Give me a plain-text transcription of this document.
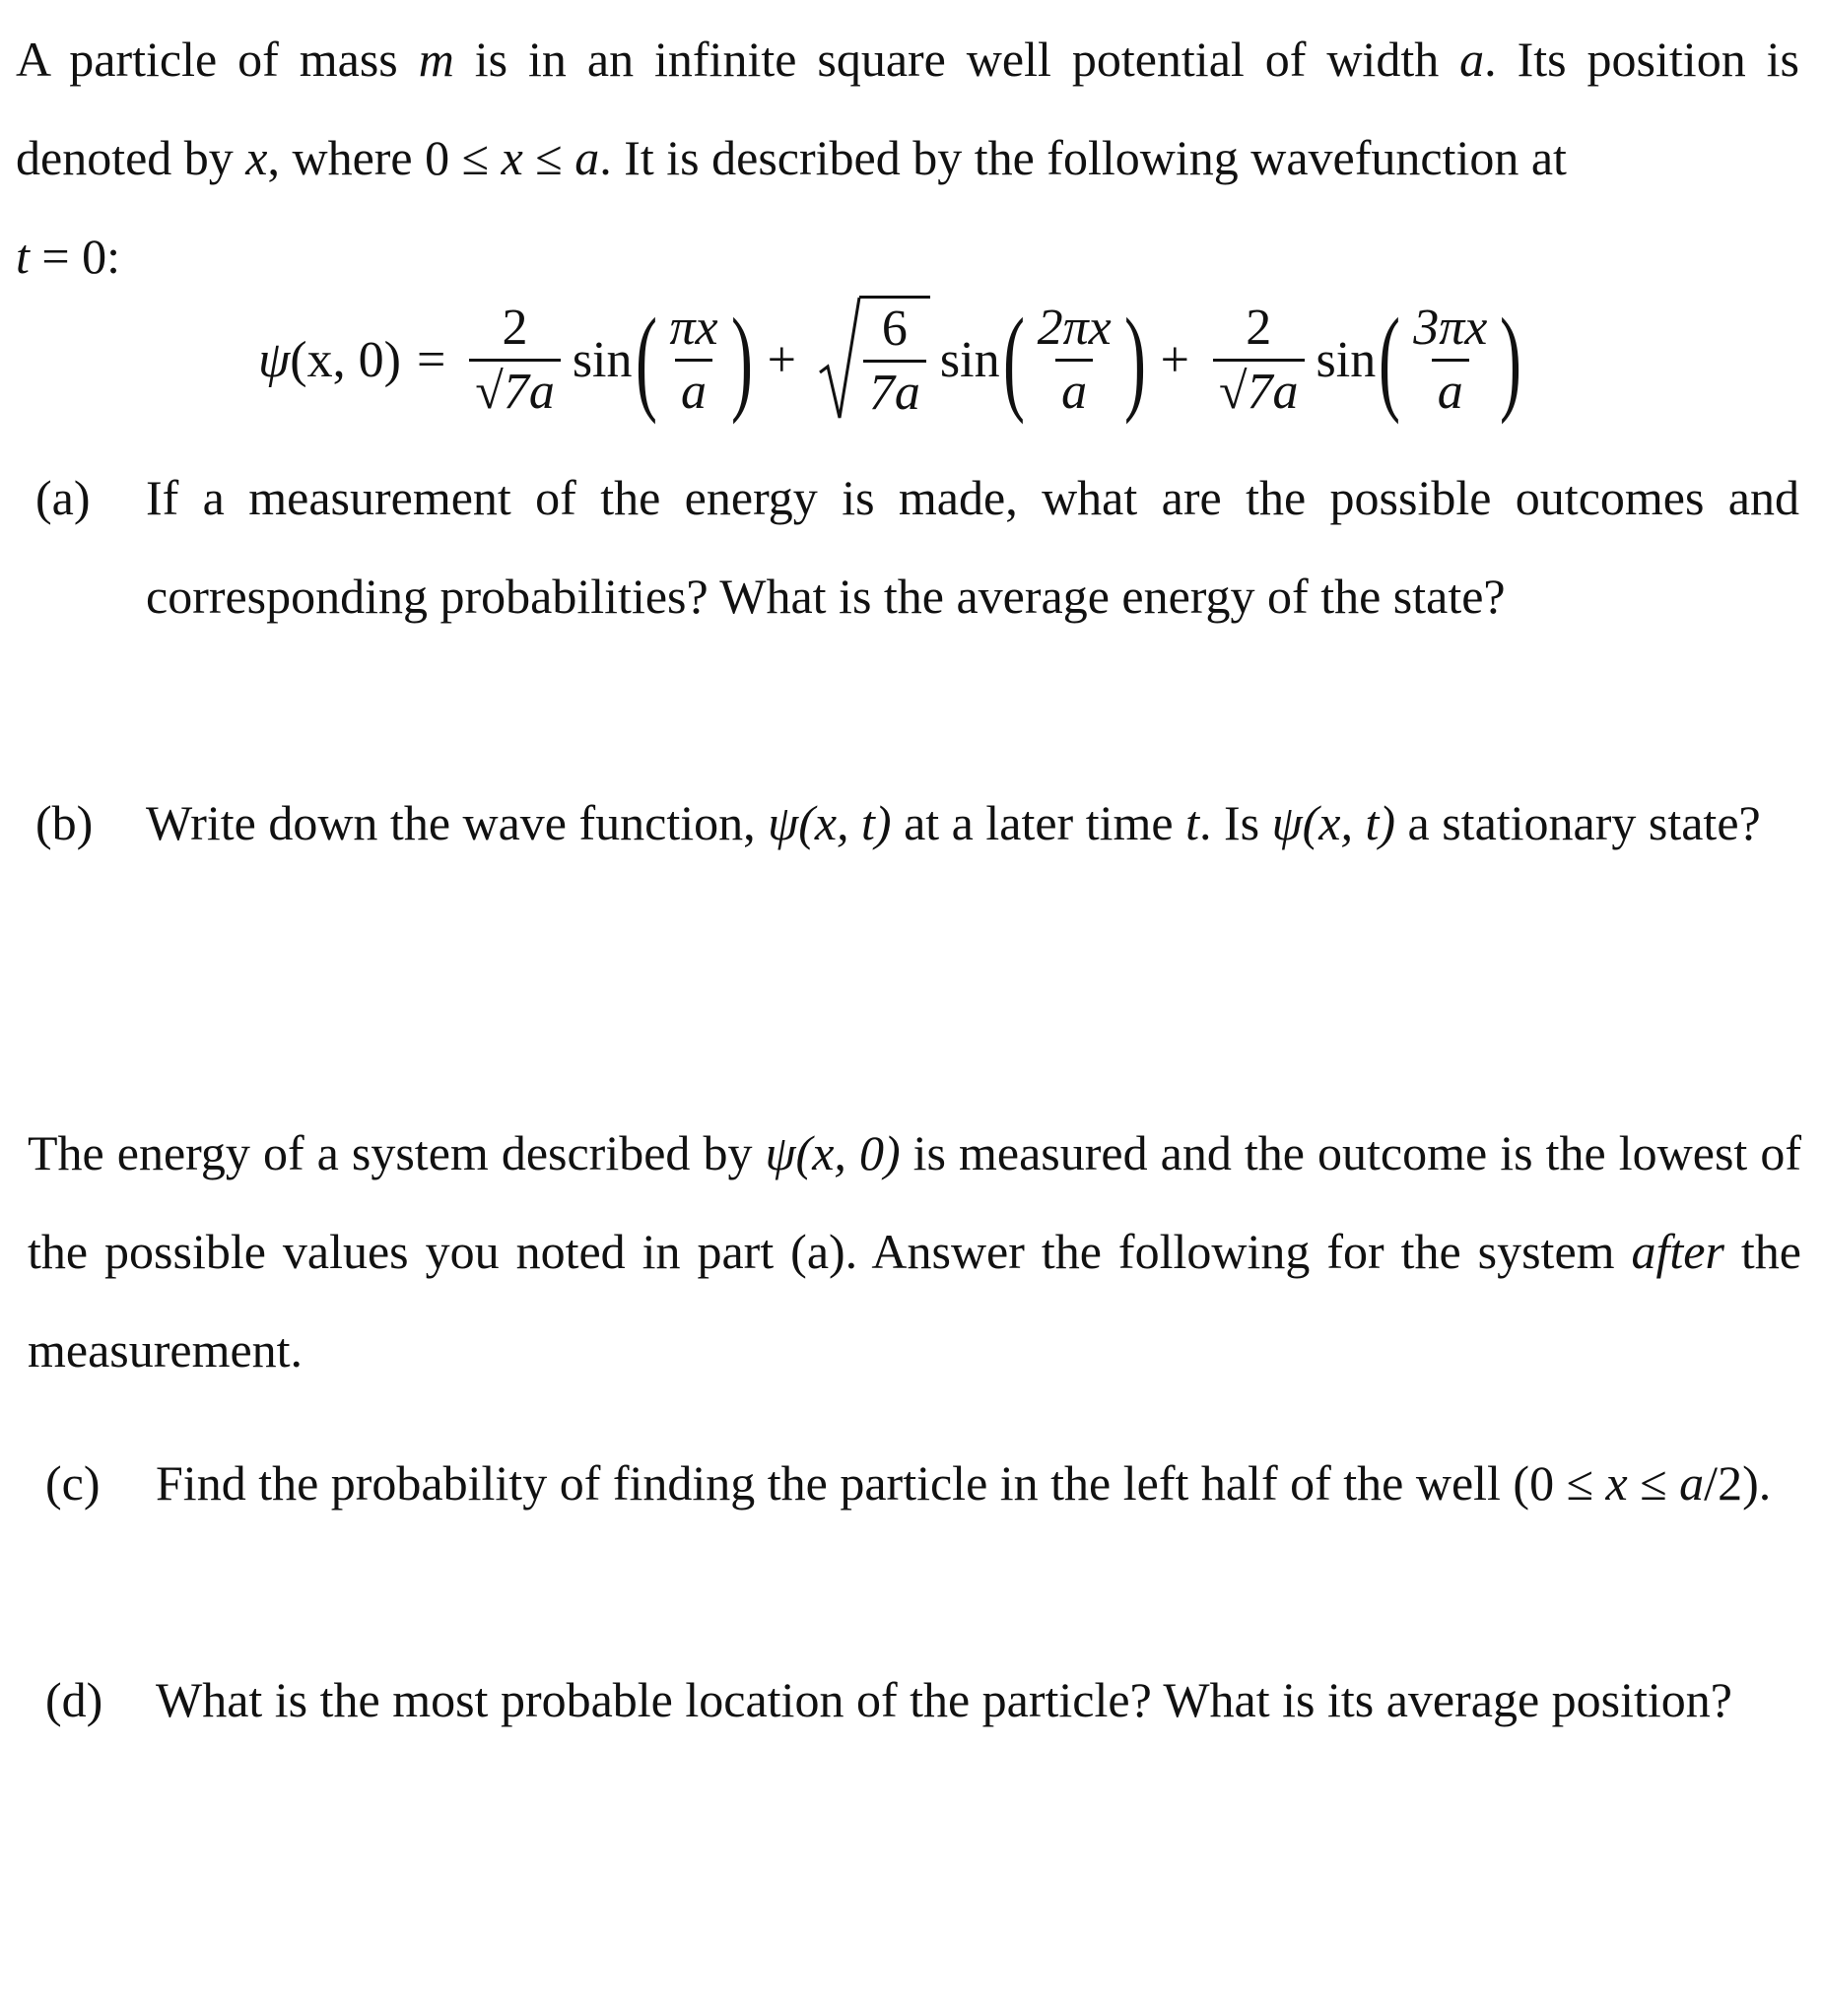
A particle of mass m is in an infinite square well potential of width a. Its position is denoted by x, where 0 ≤ x ≤ a. It is described by the following wavefunction at
t = 0:
ψ (x, $0) = \frac{2}{√7a}$ sin ( $\frac{\pi x}{a}$ ) + $\frac{6}{7a}$ sin ( $\frac{2\pi x}{a}$ ) + $\frac{2}{√7a}$ sin ( $\frac{3\pi x}{a}$ )
(a)	If a measurement of the energy is made, what are the possible outcomes and corresponding probabilities? What is the average energy of the state?
(b)	Write down the wave function, ψ(x, t) at a later time t. Is ψ(x, t) a stationary state?
The energy of a system described by ψ(x, 0) is measured and the outcome is the lowest of the possible values you noted in part (a). Answer the following for the system after the measurement.
(c)	Find the probability of finding the particle in the left half of the well (0 ≤ x ≤ a/2).
(d)	What is the most probable location of the particle? What is its average position?
